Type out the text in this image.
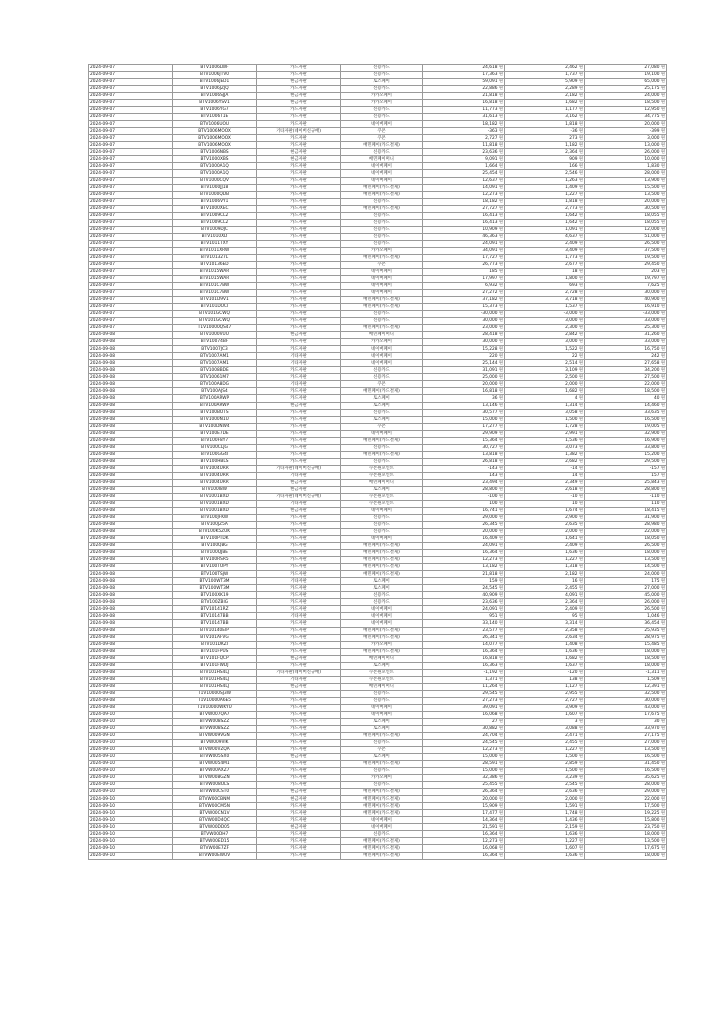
2024-09-07	BTV1006LWF	카드자판	신용카드	24,618 원	2,462 원	27,080 원
2024-09-07	BTV1006JTV0	카드자판	신용카드	17,363 원	1,737 원	19,100 원
2024-09-07	BTV1006JED1	현금자판	토스페이	59,091 원	5,909 원	65,000 원
2024-09-07	BTV1006JZJQ	카드자판	신용카드	22,886 원	2,289 원	25,175 원
2024-09-07	BTV1006SJJA	현금자판	카카오페이	21,818 원	2,182 원	24,000 원
2024-09-07	BTV1006YSV1	현금자판	카카오페이	16,818 원	1,682 원	18,500 원
2024-09-07	BTV1006YG7	카드자판	신용카드	11,773 원	1,177 원	12,950 원
2024-09-07	BTV1006T1E	카드자판	신용카드	31,613 원	3,162 원	34,775 원
2024-09-07	BTV1006UOU	카드자판	네이버페이	18,182 원	1,818 원	20,000 원
2024-09-07	BTV1006MOOX	기타자판(네이버신규배)	쿠폰	-363 원	-36 원	-399 원
2024-09-07	BTV1006MOOX	카드자판	쿠폰	2,727 원	273 원	3,000 원
2024-09-07	BTV1006MOOX	카드자판	배민페이(카드결제)	11,818 원	1,182 원	13,000 원
2024-09-07	BTV1006NBS	현금자판	신용카드	23,636 원	2,364 원	26,000 원
2024-09-07	BTV1000XBS	현금자판	배민페이머니	9,091 원	909 원	10,000 원
2024-09-07	BTV1000A1Q	카드자판	네이버페이	1,664 원	166 원	1,830 원
2024-09-07	BTV1000A1Q	카드자판	네이버페이	25,454 원	2,546 원	28,000 원
2024-09-07	BTV1000CQV	카드자판	네이버페이	12,637 원	1,263 원	13,900 원
2024-09-07	BTV1000JJ18	카드자판	배민페이(카드결제)	14,091 원	1,409 원	15,500 원
2024-09-07	BTV1000QDB	카드자판	배민페이(카드결제)	12,273 원	1,227 원	13,500 원
2024-09-07	BTV1006VY1	카드자판	신용카드	18,182 원	1,818 원	20,000 원
2024-09-07	BTV1000XEC	카드자판	배민페이(카드결제)	27,727 원	2,773 원	30,500 원
2024-09-07	BTV1009CL2	카드자판	신용카드	16,413 원	1,642 원	18,055 원
2024-09-07	BTV1009CL2	카드자판	신용카드	16,413 원	1,642 원	18,055 원
2024-09-07	BTV1009DJC	카드자판	신용카드	10,909 원	1,091 원	12,000 원
2024-09-07	BTV1010XD	카드자판	신용카드	46,363 원	4,637 원	51,000 원
2024-09-07	BTV1011TXY	카드자판	신용카드	24,091 원	2,409 원	26,500 원
2024-09-07	BTV1011XRW	카드자판	카카오페이	34,091 원	3,409 원	37,500 원
2024-09-07	BTV101327L	카드자판	배민페이(카드결제)	17,727 원	1,773 원	19,500 원
2024-09-07	BTV10136ED	카드자판	쿠폰	26,773 원	2,677 원	29,450 원
2024-09-07	BTV1015WAR	카드자판	네이버페이	185 원	18 원	203 원
2024-09-07	BTV1015WAR	카드자판	네이버페이	17,997 원	1,800 원	19,797 원
2024-09-07	BTV101C7BW	카드자판	네이버페이	6,932 원	693 원	7,625 원
2024-09-07	BTV101C7BW	카드자판	네이버페이	27,272 원	2,728 원	30,000 원
2024-09-07	BTV101D9V1	카드자판	배민페이(카드결제)	37,182 원	3,718 원	40,900 원
2024-09-07	BTV101DOCI	카드자판	배민페이(카드결제)	15,373 원	1,537 원	16,910 원
2024-09-07	BTV101GCWQ	카드자판	신용카드	-30,000 원	-3,000 원	-33,000 원
2024-09-07	BTV101GCWQ	카드자판	신용카드	30,000 원	3,000 원	33,000 원
2024-09-07	T1V10000QS47	카드자판	배민페이(카드결제)	23,000 원	2,300 원	25,300 원
2024-09-08	BTV1000VUU	현금자판	배민페이머니	28,418 원	2,842 원	31,260 원
2024-09-08	BTV10074BF	카드자판	카카오페이	30,000 원	3,000 원	33,000 원
2024-09-08	BTV1007JC3	카드자판	네이버페이	15,228 원	1,522 원	16,750 원
2024-09-08	BTV1007AM1	기타자판	네이버페이	220 원	22 원	242 원
2024-09-08	BTV1007AM1	기타자판	네이버페이	25,144 원	2,514 원	27,658 원
2024-09-08	BTV1008BDE	카드자판	신용카드	31,091 원	3,109 원	34,200 원
2024-09-08	BTV10061M7	카드자판	신용카드	25,000 원	2,500 원	27,500 원
2024-09-08	BTV100A8DG	기타자판	쿠폰	20,000 원	2,000 원	22,000 원
2024-09-08	BTV100AJS4	카드자판	배민페이(카드결제)	16,818 원	1,682 원	18,500 원
2024-09-08	BTV100ARWP	카드자판	토스페이	36 원	4 원	40 원
2024-09-08	BTV100ARWP	현금자판	토스페이	13,146 원	1,314 원	14,460 원
2024-09-08	BTV100BOTS	카드자판	신용카드	30,577 원	3,058 원	33,635 원
2024-09-08	BTV1000N1U	카드자판	토스페이	15,000 원	1,500 원	16,500 원
2024-09-08	BTV100DNW4	카드자판	쿠폰	17,277 원	1,728 원	19,005 원
2024-09-08	BTV100E7DE	카드자판	네이버페이	29,909 원	2,991 원	32,900 원
2024-09-08	BTV100F8Y7	카드자판	배민페이(카드결제)	15,364 원	1,536 원	16,900 원
2024-09-08	BTV100CLJG	카드자판	신용카드	30,727 원	3,073 원	33,800 원
2024-09-08	BTV100GG4I	카드자판	배민페이(카드결제)	13,818 원	1,382 원	15,200 원
2024-09-08	BTV100HBLS	카드자판	신용카드	26,818 원	2,682 원	29,500 원
2024-09-08	BTV1004URR	기타자판(네이버신규배)	쿠폰원포인트	-143 원	-14 원	-157 원
2024-09-08	BTV1004URR	기타자판	쿠폰원포인트	143 원	14 원	157 원
2024-09-08	BTV1004URR	현금자판	배민페이머니	23,494 원	2,349 원	25,843 원
2024-09-08	BTV100I8W	현금자판	토스페이	28,800 원	2,618 원	28,800 원
2024-09-08	BTV1001BXD	기타자판(네이버신규배)	쿠폰원포인트	-100 원	-10 원	-110 원
2024-09-08	BTV1001BXD	기타자판	쿠폰원포인트	100 원	10 원	110 원
2024-09-08	BTV1001BXD	현금자판	네이버페이	16,741 원	1,674 원	18,415 원
2024-09-08	BTV100JFKW	카드자판	신용카드	29,000 원	2,900 원	31,900 원
2024-09-08	BTV100JZ5A	카드자판	신용카드	26,345 원	2,635 원	28,980 원
2024-09-08	BTV100K5ZUK	카드자판	신용카드	20,000 원	2,000 원	22,000 원
2024-09-08	BTV100PTDK	카드자판	네이버페이	16,409 원	1,641 원	18,050 원
2024-09-08	BTV100QBG	카드자판	배민페이(카드결제)	24,091 원	2,409 원	26,500 원
2024-09-08	BTV100QJBE	카드자판	배민페이(카드결제)	16,364 원	1,636 원	18,000 원
2024-09-08	BTV100RSR5	카드자판	배민페이(카드결제)	12,273 원	1,227 원	13,500 원
2024-09-08	BTV100TOPY	카드자판	배민페이(카드결제)	13,182 원	1,318 원	14,500 원
2024-09-08	BTV100TSJW	카드자판	배민페이(카드결제)	21,818 원	2,182 원	24,000 원
2024-09-08	BTV100WT3M	기타자판	토스페이	159 원	16 원	175 원
2024-09-08	BTV100WT3M	카드자판	토스페이	24,545 원	2,455 원	27,000 원
2024-09-08	BTV100XK19	카드자판	신용카드	40,909 원	4,091 원	45,000 원
2024-09-08	BTV100ZBIG	카드자판	신용카드	23,636 원	2,364 원	26,000 원
2024-09-08	BTV10141RZ	카드자판	네이버페이	24,091 원	2,409 원	26,500 원
2024-09-08	BTV10147BB	기타자판	네이버페이	951 원	95 원	1,046 원
2024-09-08	BTV10147BB	카드자판	네이버페이	33,140 원	3,314 원	36,454 원
2024-09-08	BTV10140EIP	카드자판	배민페이(카드결제)	23,577 원	2,358 원	25,935 원
2024-09-08	BTV101AFVG	카드자판	배민페이(카드결제)	26,341 원	2,634 원	28,975 원
2024-09-08	BTV101DKZI	카드자판	카카오페이	14,077 원	1,408 원	15,485 원
2024-09-08	BTV101FPUS	카드자판	배민페이(카드결제)	16,364 원	1,636 원	18,000 원
2024-09-08	BTV101FQCP	현금자판	배민페이머니	16,818 원	1,682 원	18,500 원
2024-09-08	BTV101FWDJ	카드자판	토스페이	16,363 원	1,637 원	18,000 원
2024-09-08	BTV101HS4LJ	기타자판(네이버신규배)	쿠폰원포인트	-1,192 원	-120 원	-1,311 원
2024-09-08	BTV101HS4LJ	기타자판	쿠폰원포인트	1,371 원	138 원	1,509 원
2024-09-08	BTV101HS4LJ	현금자판	배민페이머니	11,264 원	1,127 원	12,391 원
2024-09-08	T1V10000SJ3W	카드자판	신용카드	29,545 원	2,955 원	32,500 원
2024-09-08	T1V10000A6E5	카드자판	신용카드	27,273 원	2,727 원	30,000 원
2024-09-08	T1V10000WKYU	카드자판	네이버페이	39,091 원	3,909 원	43,000 원
2024-09-10	BTVW007QA7	카드자판	네이버페이	16,068 원	1,607 원	17,675 원
2024-09-10	BTVW008SZZ	카드자판	토스페이	27 원	3 원	30 원
2024-09-10	BTVW008SZZ	카드자판	토스페이	30,882 원	3,088 원	33,970 원
2024-09-10	BTVW009VGN	카드자판	배민페이(카드결제)	24,704 원	2,471 원	27,175 원
2024-09-10	BTVW009VIK	카드자판	신용카드	24,545 원	2,455 원	27,000 원
2024-09-10	BTVW00VZQA	카드자판	쿠폰	12,273 원	1,227 원	13,500 원
2024-09-10	BTVW005SX0	현금자판	토스페이	15,000 원	1,500 원	16,500 원
2024-09-10	BTVW0054M1	카드자판	배민페이(카드결제)	28,591 원	2,859 원	31,450 원
2024-09-10	BTVW00AXZ7	카드자판	신용카드	15,000 원	1,500 원	16,500 원
2024-09-10	BTVW008GZN	카드자판	카카오페이	32,386 원	3,239 원	35,625 원
2024-09-10	BTVW008OLS	카드자판	신용카드	25,455 원	2,545 원	28,000 원
2024-09-10	BTVW00CST0	현금자판	배민페이(카드결제)	26,364 원	2,636 원	29,000 원
2024-09-10	BTVW00CBNM	현금자판	배민페이(카드결제)	20,000 원	2,000 원	22,000 원
2024-09-10	BTVW00CM5N	카드자판	배민페이(카드결제)	15,909 원	1,591 원	17,500 원
2024-09-10	BTVW00CN1V	카드자판	배민페이(카드결제)	17,477 원	1,748 원	19,225 원
2024-09-10	BTVW00D4QC	카드자판	네이버페이	14,364 원	1,436 원	15,800 원
2024-09-10	BTVW00DD05	현금자판	네이버페이	21,591 원	2,159 원	23,750 원
2024-09-10	BTVW00DH7	카드자판	신용카드	16,364 원	1,636 원	18,000 원
2024-09-10	BTVW00ED15	카드자판	배민페이(카드결제)	12,273 원	1,227 원	13,500 원
2024-09-10	BTVW00E7ZF	카드자판	배민페이(카드결제)	16,068 원	1,607 원	17,675 원
2024-09-10	BTVW00EWUV	카드자판	배민페이(카드결제)	16,364 원	1,636 원	18,000 원
